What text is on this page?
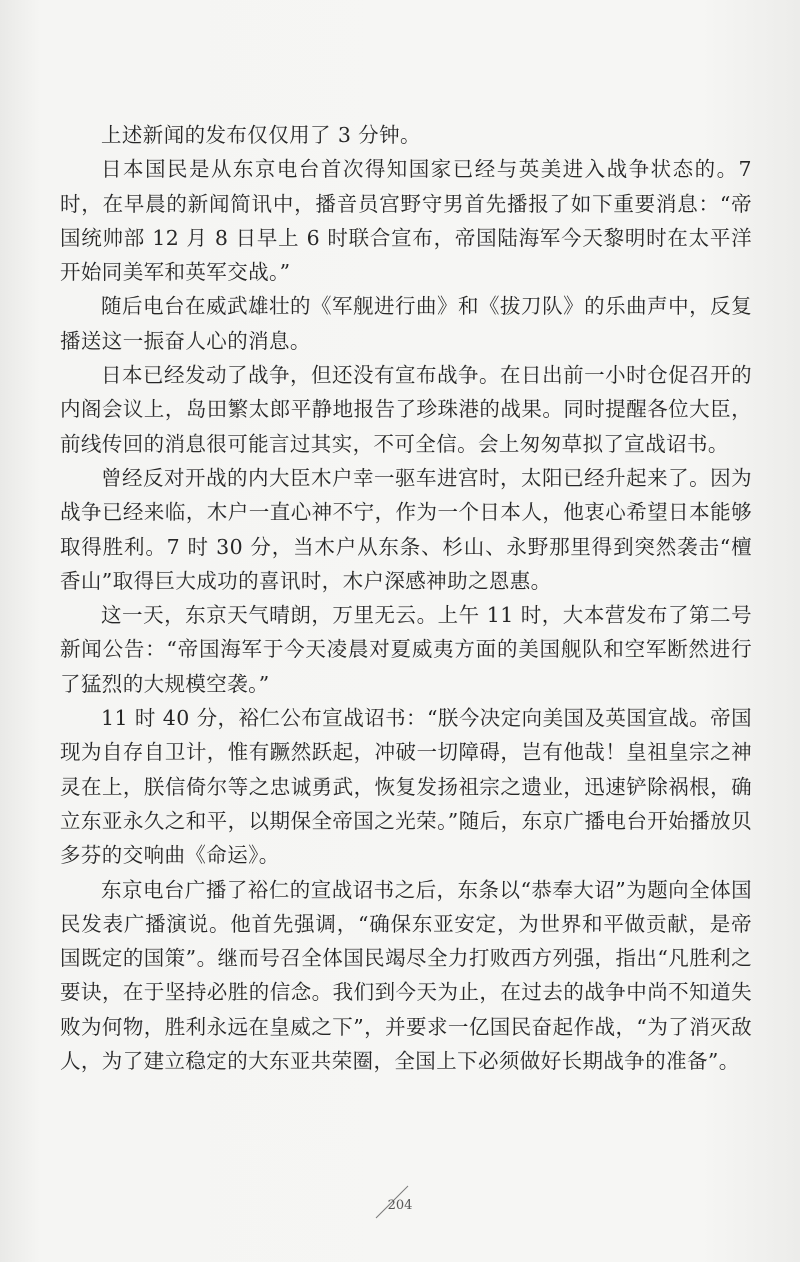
上述新闻的发布仅仅用了 3 分钟。

日本国民是从东京电台首次得知国家已经与英美进入战争状态的。7 时，在早晨的新闻简讯中，播音员宫野守男首先播报了如下重要消息：“帝国统帅部 12 月 8 日早上 6 时联合宣布，帝国陆海军今天黎明时在太平洋开始同美军和英军交战。”

随后电台在威武雄壮的《军舰进行曲》和《拔刀队》的乐曲声中，反复播送这一振奋人心的消息。

日本已经发动了战争，但还没有宣布战争。在日出前一小时仓促召开的内阁会议上，岛田繁太郎平静地报告了珍珠港的战果。同时提醒各位大臣，前线传回的消息很可能言过其实，不可全信。会上匆匆草拟了宣战诏书。

曾经反对开战的内大臣木户幸一驱车进宫时，太阳已经升起来了。因为战争已经来临，木户一直心神不宁，作为一个日本人，他衷心希望日本能够取得胜利。7 时 30 分，当木户从东条、杉山、永野那里得到突然袭击“檀香山”取得巨大成功的喜讯时，木户深感神助之恩惠。

这一天，东京天气晴朗，万里无云。上午 11 时，大本营发布了第二号新闻公告：“帝国海军于今天凌晨对夏威夷方面的美国舰队和空军断然进行了猛烈的大规模空袭。”

11 时 40 分，裕仁公布宣战诏书：“朕今决定向美国及英国宣战。帝国现为自存自卫计，惟有蹶然跃起，冲破一切障碍，岂有他哉！皇祖皇宗之神灵在上，朕信倚尔等之忠诚勇武，恢复发扬祖宗之遗业，迅速铲除祸根，确立东亚永久之和平，以期保全帝国之光荣。”随后，东京广播电台开始播放贝多芬的交响曲《命运》。

东京电台广播了裕仁的宣战诏书之后，东条以“恭奉大诏”为题向全体国民发表广播演说。他首先强调，“确保东亚安定，为世界和平做贡献，是帝国既定的国策”。继而号召全体国民竭尽全力打败西方列强，指出“凡胜利之要诀，在于坚持必胜的信念。我们到今天为止，在过去的战争中尚不知道失败为何物，胜利永远在皇威之下”，并要求一亿国民奋起作战，“为了消灭敌人，为了建立稳定的大东亚共荣圈，全国上下必须做好长期战争的准备”。

204
